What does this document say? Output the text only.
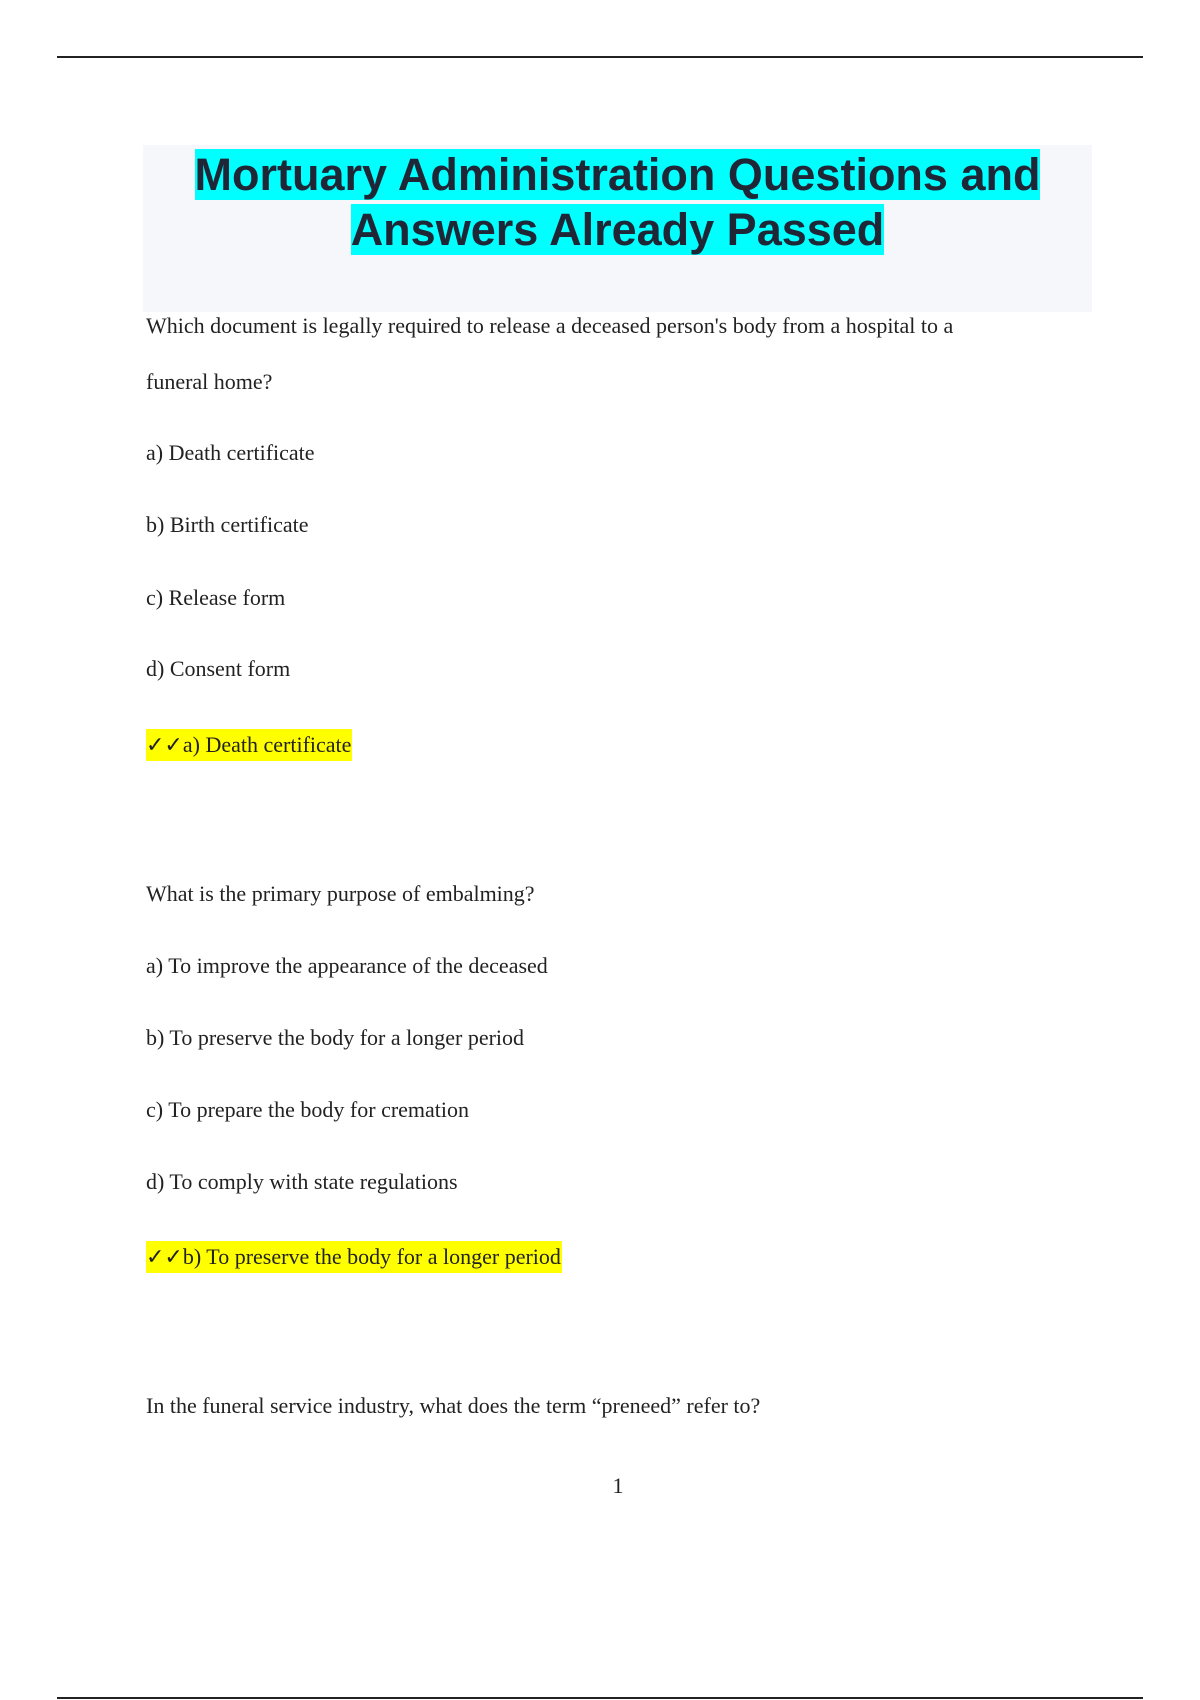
Mortuary Administration Questions and
Answers Already Passed

Which document is legally required to release a deceased person's body from a hospital to a

funeral home?

a) Death certificate

b) Birth certificate

c) Release form

d) Consent form

✓✓a) Death certificate

What is the primary purpose of embalming?

a) To improve the appearance of the deceased

b) To preserve the body for a longer period

c) To prepare the body for cremation

d) To comply with state regulations

✓✓b) To preserve the body for a longer period

In the funeral service industry, what does the term “preneed” refer to?

1
